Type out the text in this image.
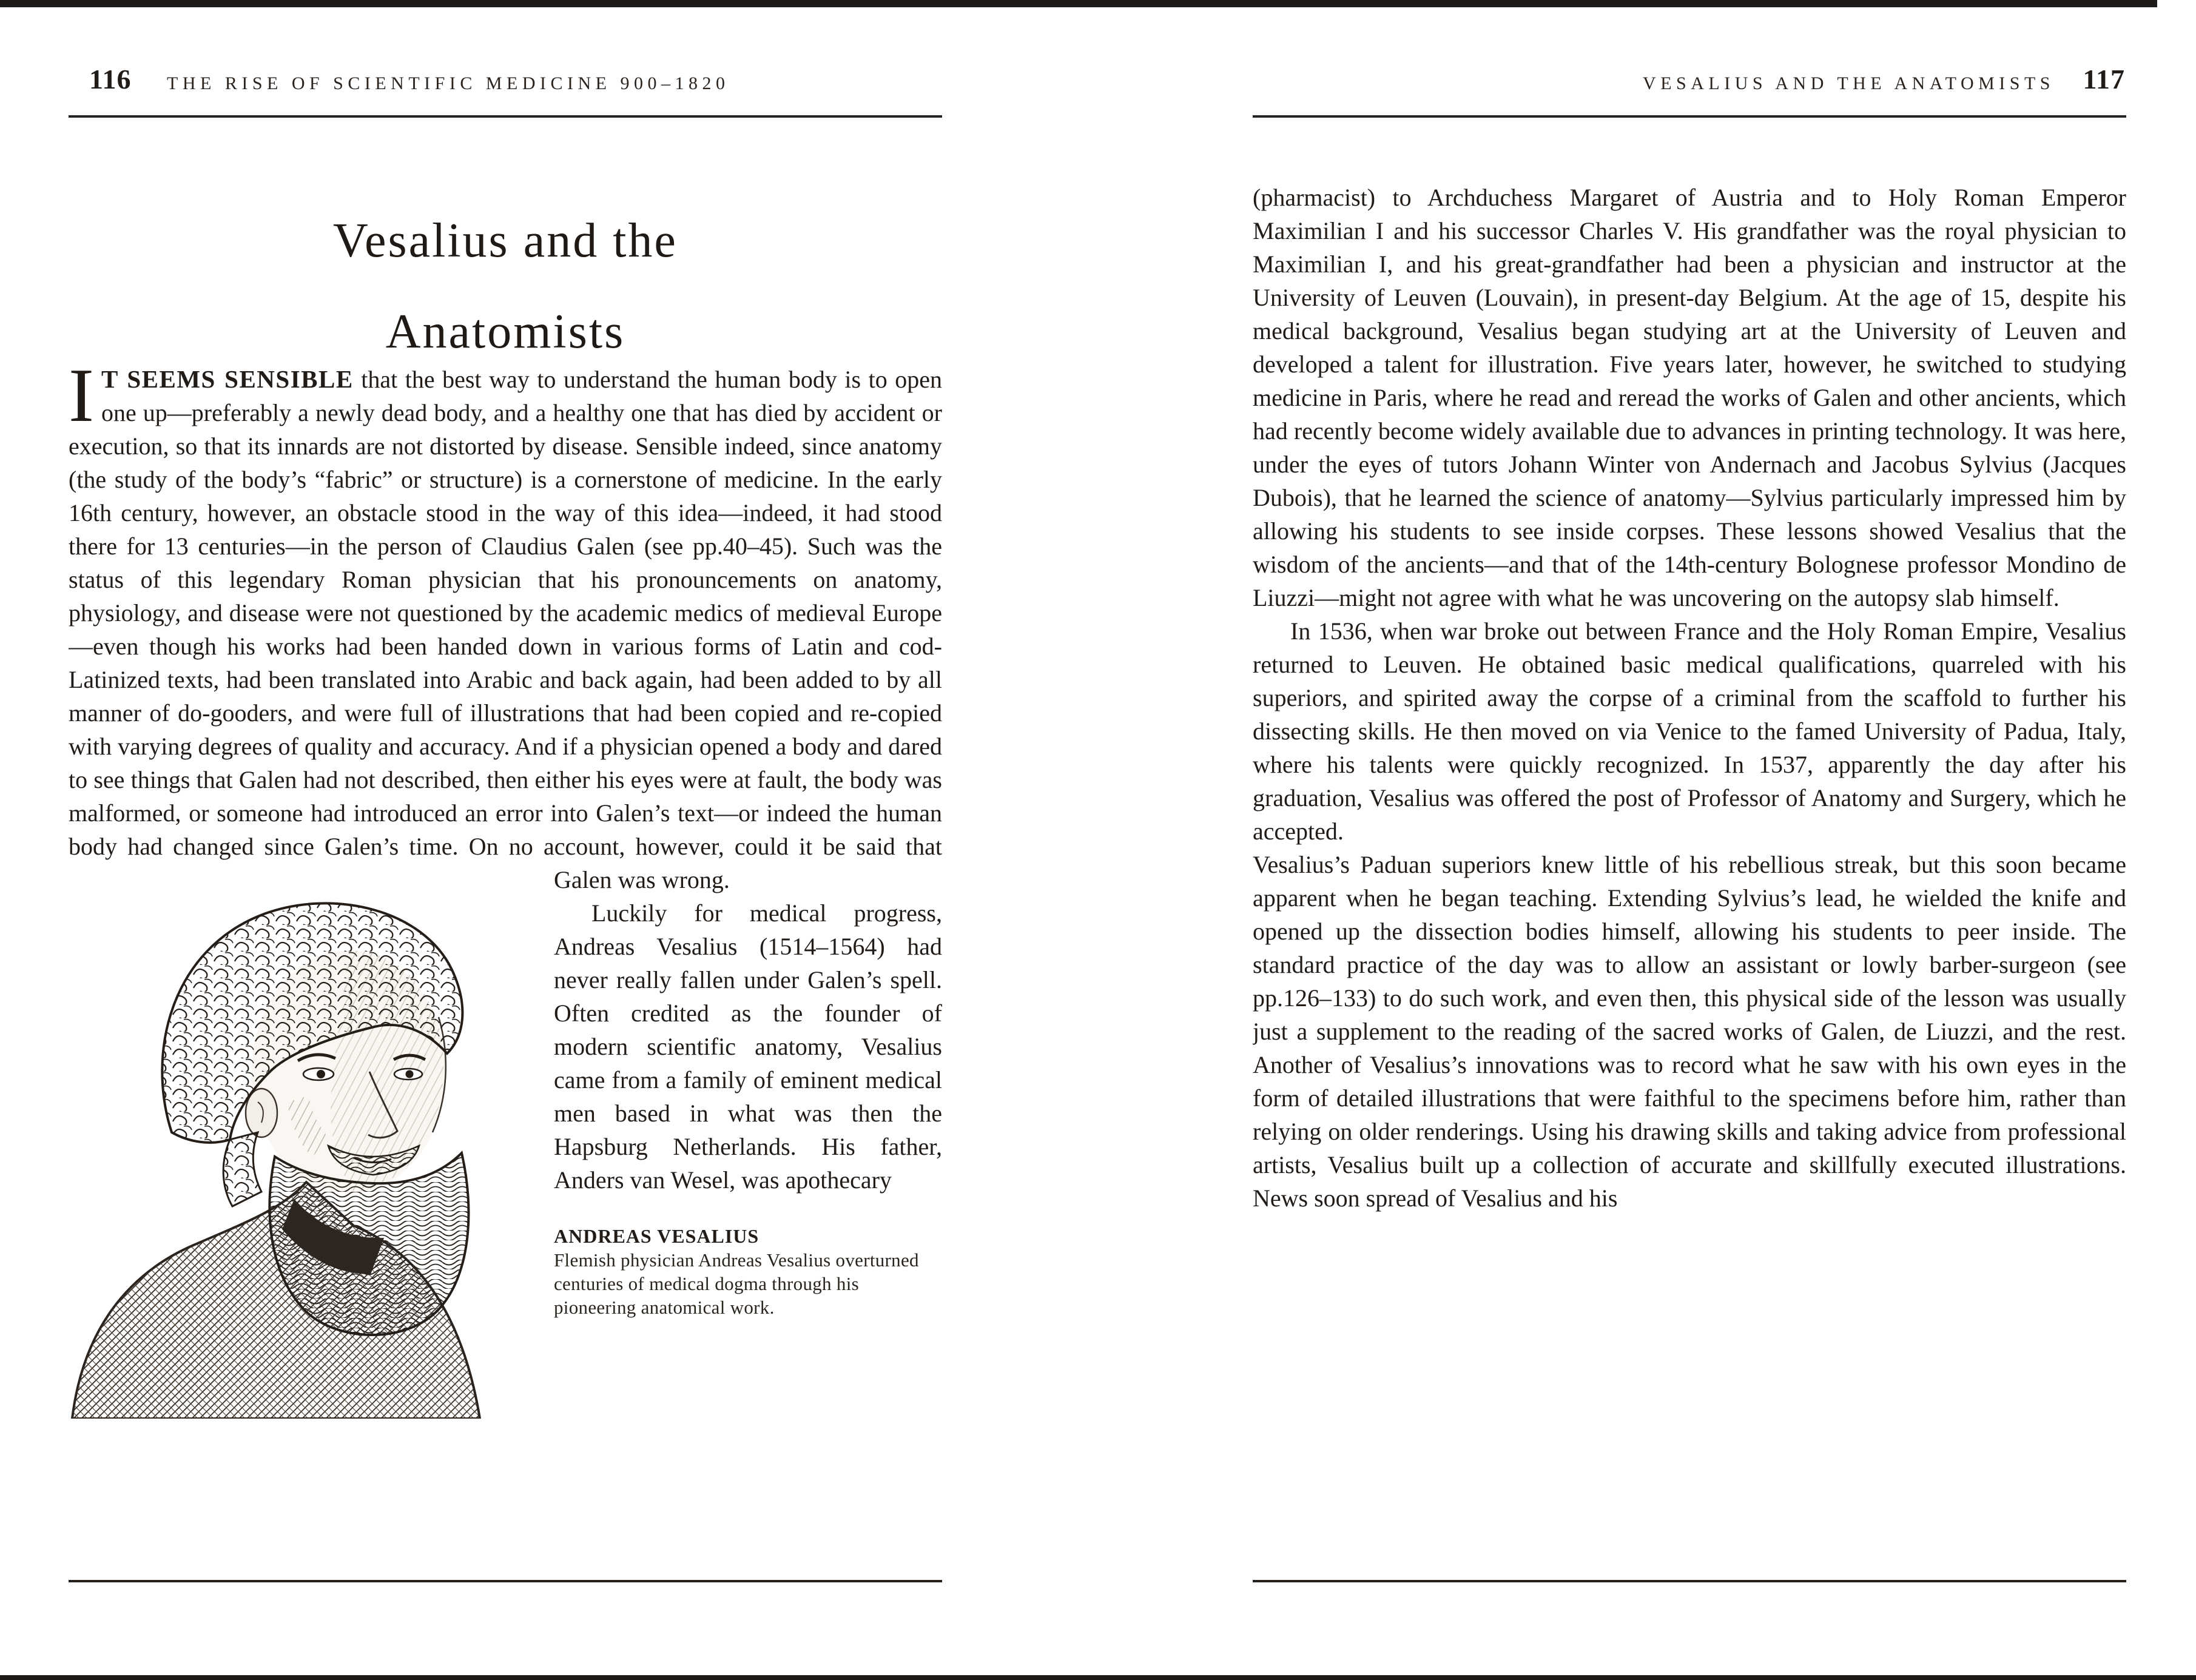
116 THE RISE OF SCIENTIFIC MEDICINE 900–1820
Vesalius and the
Anatomists

I T SEEMS SENSIBLE that the best way to understand the human body is to open one up—preferably a newly dead body, and a healthy one that has died by accident or execution, so that its innards are not distorted by disease. Sensible indeed, since anatomy (the study of the body’s “fabric” or structure) is a cornerstone of medicine. In the early 16th century, however, an obstacle stood in the way of this idea—indeed, it had stood there for 13 centuries—in the person of Claudius Galen (see pp.40–45). Such was the status of this legendary Roman physician that his pronouncements on anatomy, physiology, and disease were not questioned by the academic medics of medieval Europe—even though his works had been handed down in various forms of Latin and cod-Latinized texts, had been translated into Arabic and back again, had been added to by all manner of do-gooders, and were full of illustrations that had been copied and re-copied with varying degrees of quality and accuracy. And if a physician opened a body and dared to see things that Galen had not described, then either his eyes were at fault, the body was malformed, or someone had introduced an error into Galen’s text—or indeed the human body had changed since Galen’s time. On no
account, however, could it be said that Galen was wrong.

Luckily for medical progress, Andreas Vesalius (1514–1564) had never really fallen under Galen’s spell. Often credited as the founder of modern scientific anatomy, Vesalius came from a family of eminent medical men based in what was then the Hapsburg Netherlands. His father, Anders van Wesel, was apothecary

ANDREAS VESALIUS
Flemish physician Andreas Vesalius overturned centuries of medical dogma through his pioneering anatomical work.
117
VESALIUS AND THE ANATOMISTS

(pharmacist) to Archduchess Margaret of Austria and to Holy Roman Emperor Maximilian I and his successor Charles V. His grandfather was the royal physician to Maximilian I, and his great-grandfather had been a physician and instructor at the University of Leuven (Louvain), in present-day Belgium. At the age of 15, despite his medical background, Vesalius began studying art at the University of Leuven and developed a talent for illustration. Five years later, however, he switched to studying medicine in Paris, where he read and reread the works of Galen and other ancients, which had recently become widely available due to advances in printing technology. It was here, under the eyes of tutors Johann Winter von Andernach and Jacobus Sylvius (Jacques Dubois), that he learned the science of anatomy—Sylvius particularly impressed him by allowing his students to see inside corpses. These lessons showed Vesalius that the wisdom of the ancients—and that of the 14th-century Bolognese professor Mondino de Liuzzi—might not agree with what he was uncovering on the autopsy slab himself.

In 1536, when war broke out between France and the Holy Roman Empire, Vesalius returned to Leuven. He obtained basic medical qualifications, quarreled with his superiors, and spirited away the corpse of a criminal from the scaffold to further his dissecting skills. He then moved on via Venice to the famed University of Padua, Italy, where his talents were quickly recognized. In 1537, apparently the day after his graduation, Vesalius was offered the post of Professor of Anatomy and Surgery, which he accepted.

Vesalius’s Paduan superiors knew little of his rebellious streak, but this soon became apparent when he began teaching. Extending Sylvius’s lead, he wielded the knife and opened up the dissection bodies himself, allowing his students to peer inside. The standard practice of the day was to allow an assistant or lowly barber-surgeon (see pp.126–133) to do such work, and even then, this physical side of the lesson was usually just a supplement to the reading of the sacred works of Galen, de Liuzzi, and the rest. Another of Vesalius’s innovations was to record what he saw with his own eyes in the form of detailed illustrations that were faithful to the specimens before him, rather than relying on older renderings. Using his drawing skills and taking advice from professional artists, Vesalius built up a collection of accurate and skillfully executed illustrations. News soon spread of Vesalius and his
